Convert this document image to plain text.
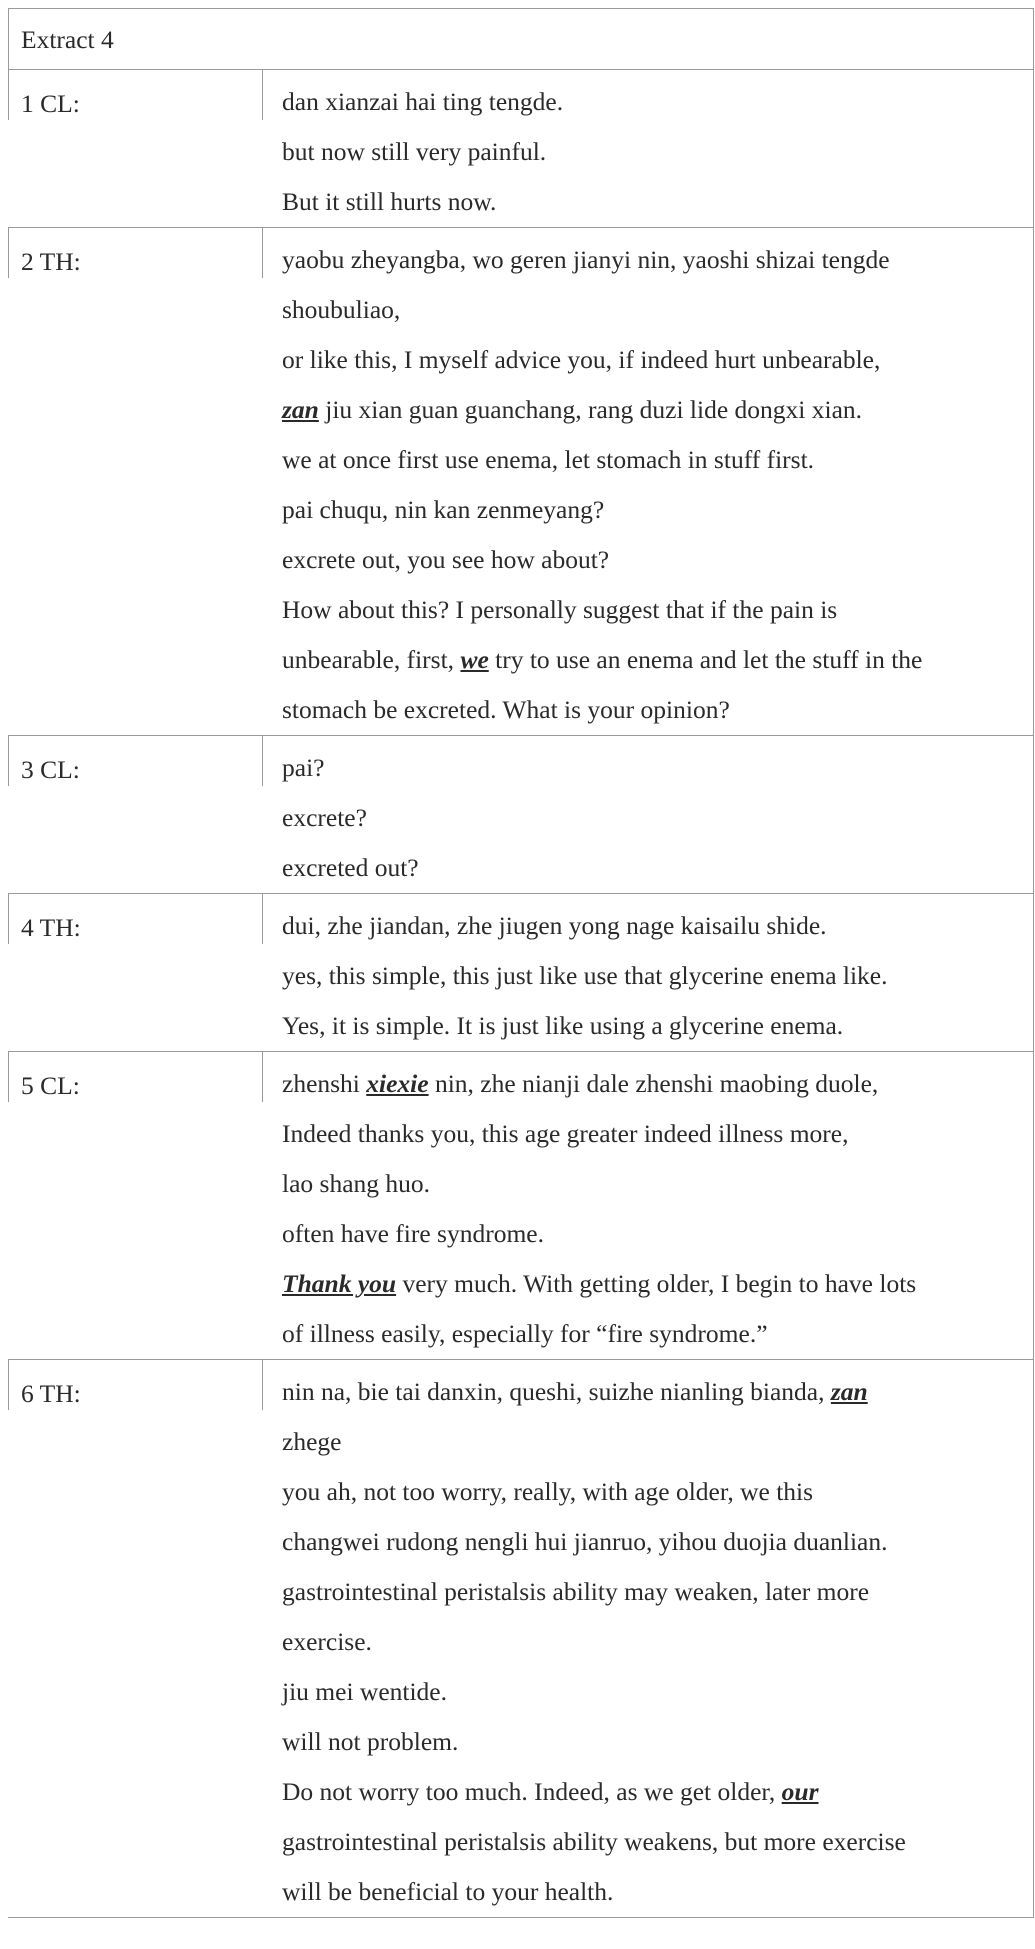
Extract 4
1 CL:	dan xianzai hai ting tengde.
but now still very painful.
But it still hurts now.
2 TH:	yaobu zheyangba, wo geren jianyi nin, yaoshi shizai tengde
shoubuliao,
or like this, I myself advice you, if indeed hurt unbearable,
zan jiu xian guan guanchang, rang duzi lide dongxi xian.
we at once first use enema, let stomach in stuff first.
pai chuqu, nin kan zenmeyang?
excrete out, you see how about?
How about this? I personally suggest that if the pain is
unbearable, first, we try to use an enema and let the stuff in the
stomach be excreted. What is your opinion?
3 CL:	pai?
excrete?
excreted out?
4 TH:	dui, zhe jiandan, zhe jiugen yong nage kaisailu shide.
yes, this simple, this just like use that glycerine enema like.
Yes, it is simple. It is just like using a glycerine enema.
5 CL:	zhenshi xiexie nin, zhe nianji dale zhenshi maobing duole,
Indeed thanks you, this age greater indeed illness more,
lao shang huo.
often have fire syndrome.
Thank you very much. With getting older, I begin to have lots
of illness easily, especially for “fire syndrome.”
6 TH:	nin na, bie tai danxin, queshi, suizhe nianling bianda, zan
zhege
you ah, not too worry, really, with age older, we this
changwei rudong nengli hui jianruo, yihou duojia duanlian.
gastrointestinal peristalsis ability may weaken, later more
exercise.
jiu mei wentide.
will not problem.
Do not worry too much. Indeed, as we get older, our
gastrointestinal peristalsis ability weakens, but more exercise
will be beneficial to your health.
